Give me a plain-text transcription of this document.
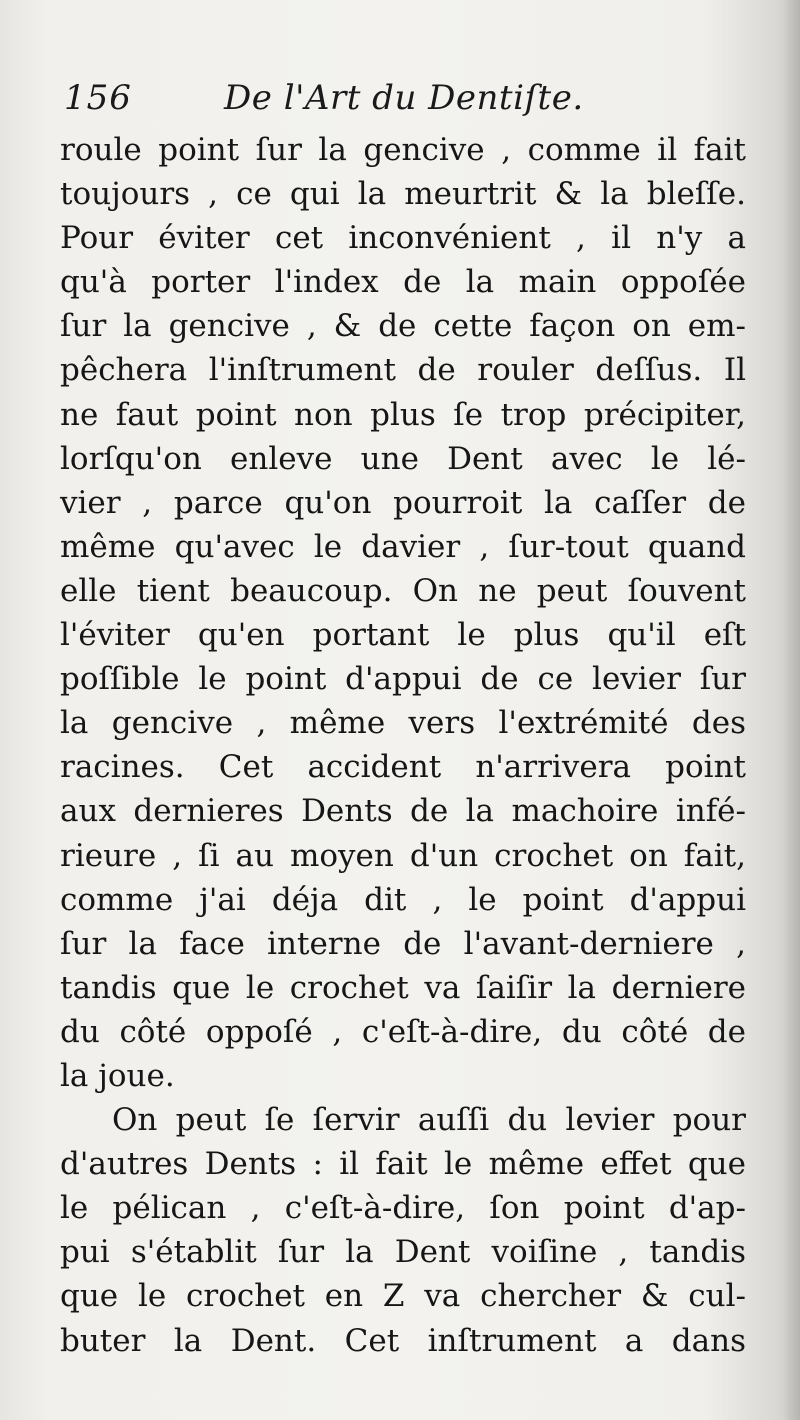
156	De l'Art du Dentiſte.
roule point ſur la gencive , comme il fait
toujours , ce qui la meurtrit & la bleſſe.
Pour éviter cet inconvénient , il n'y a
qu'à porter l'index de la main oppoſée
ſur la gencive , & de cette façon on em-
pêchera l'inſtrument de rouler deſſus. Il
ne faut point non plus ſe trop précipiter,
lorſqu'on enleve une Dent avec le lé-
vier , parce qu'on pourroit la caſſer de
même qu'avec le davier , ſur-tout quand
elle tient beaucoup. On ne peut ſouvent
l'éviter qu'en portant le plus qu'il eſt
poſſible le point d'appui de ce levier ſur
la gencive , même vers l'extrémité des
racines. Cet accident n'arrivera point
aux dernieres Dents de la machoire infé-
rieure , ſi au moyen d'un crochet on fait,
comme j'ai déja dit , le point d'appui
ſur la face interne de l'avant-derniere ,
tandis que le crochet va ſaiſir la derniere
du côté oppoſé , c'eſt-à-dire, du côté de
la joue.
On peut ſe ſervir auſſi du levier pour
d'autres Dents : il fait le même effet que
le pélican , c'eſt-à-dire, ſon point d'ap-
pui s'établit ſur la Dent voiſine , tandis
que le crochet en Z va chercher & cul-
buter la Dent. Cet inſtrument a dans
